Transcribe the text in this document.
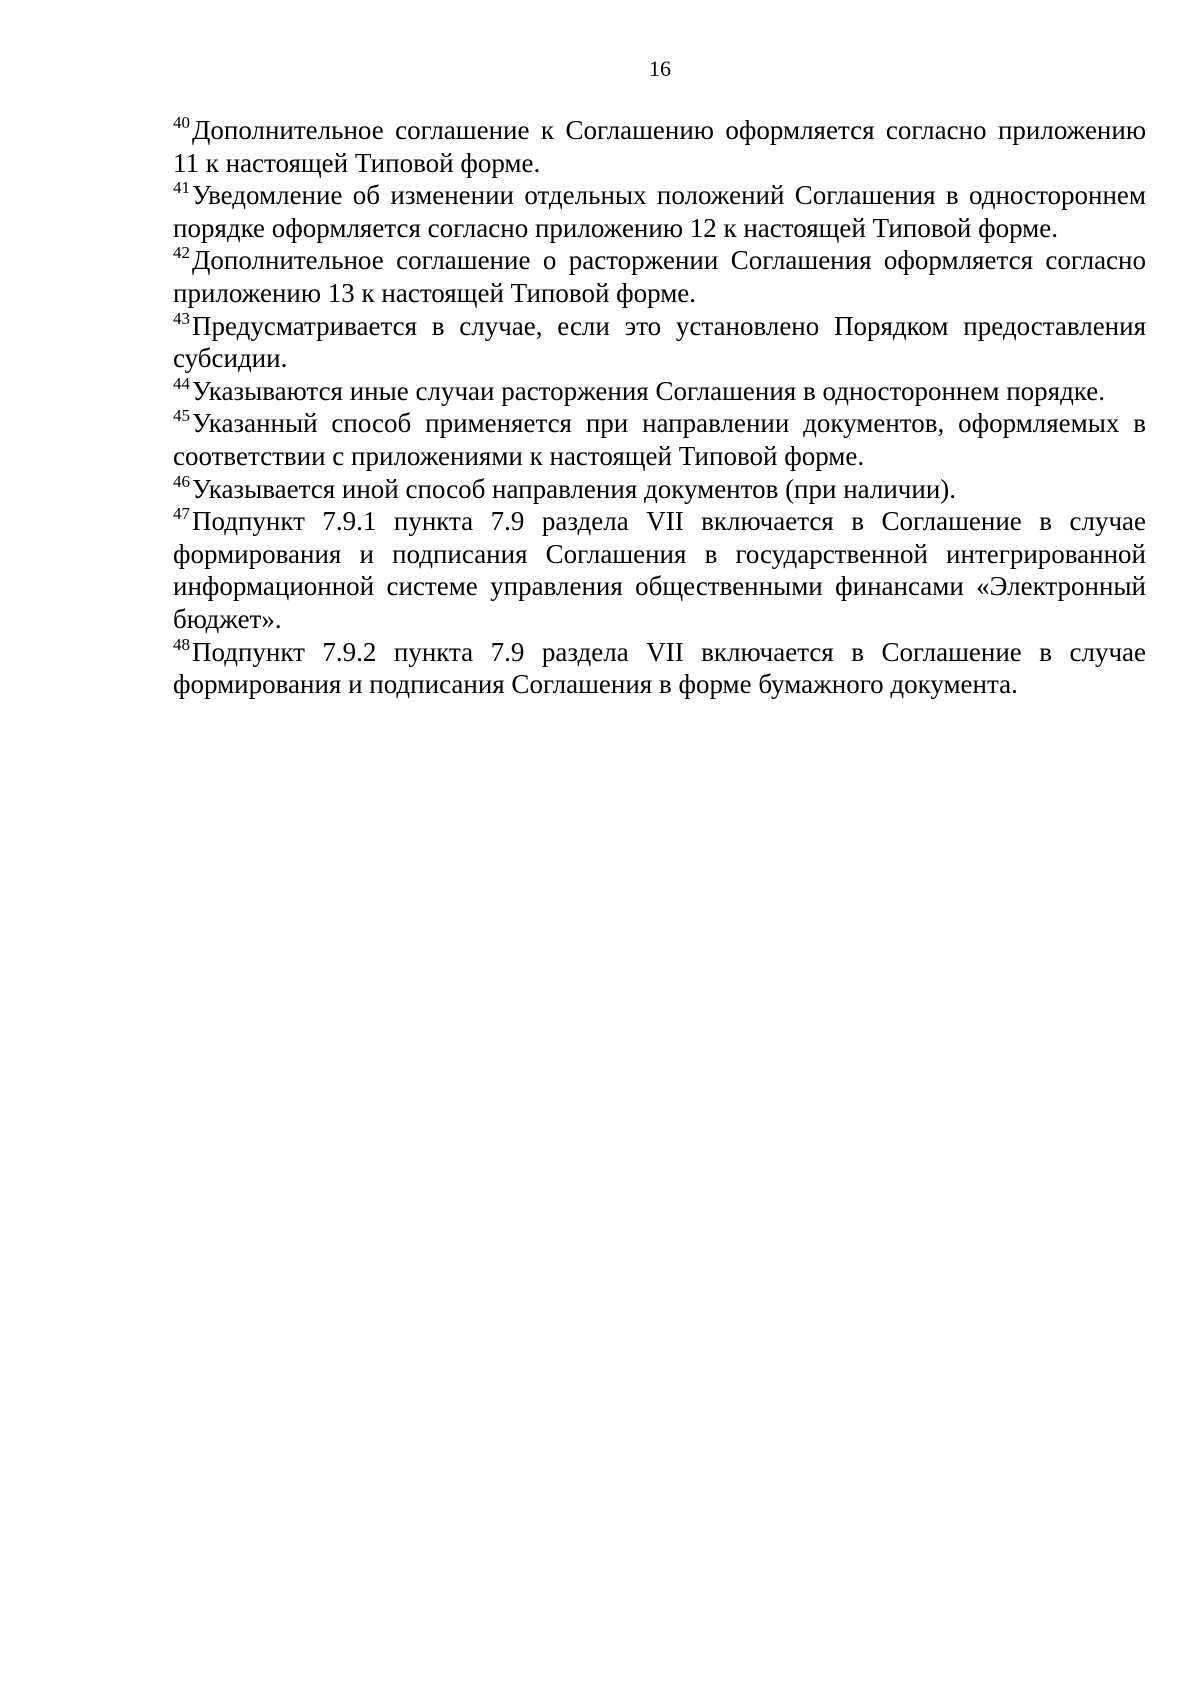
16

$^{40}$Дополнительное соглашение к Соглашению оформляется согласно приложению 11 к настоящей Типовой форме.

$^{41}$Уведомление об изменении отдельных положений Соглашения в одностороннем порядке оформляется согласно приложению 12 к настоящей Типовой форме.

$^{42}$Дополнительное соглашение о расторжении Соглашения оформляется согласно приложению 13 к настоящей Типовой форме.

$^{43}$Предусматривается в случае, если это установлено Порядком предоставления субсидии.

$^{44}$Указываются иные случаи расторжения Соглашения в одностороннем порядке.

$^{45}$Указанный способ применяется при направлении документов, оформляемых в соответствии с приложениями к настоящей Типовой форме.

$^{46}$Указывается иной способ направления документов (при наличии).

$^{47}$Подпункт 7.9.1 пункта 7.9 раздела VII включается в Соглашение в случае формирования и подписания Соглашения в государственной интегрированной информационной системе управления общественными финансами «Электронный бюджет».

$^{48}$Подпункт 7.9.2 пункта 7.9 раздела VII включается в Соглашение в случае формирования и подписания Соглашения в форме бумажного документа.
